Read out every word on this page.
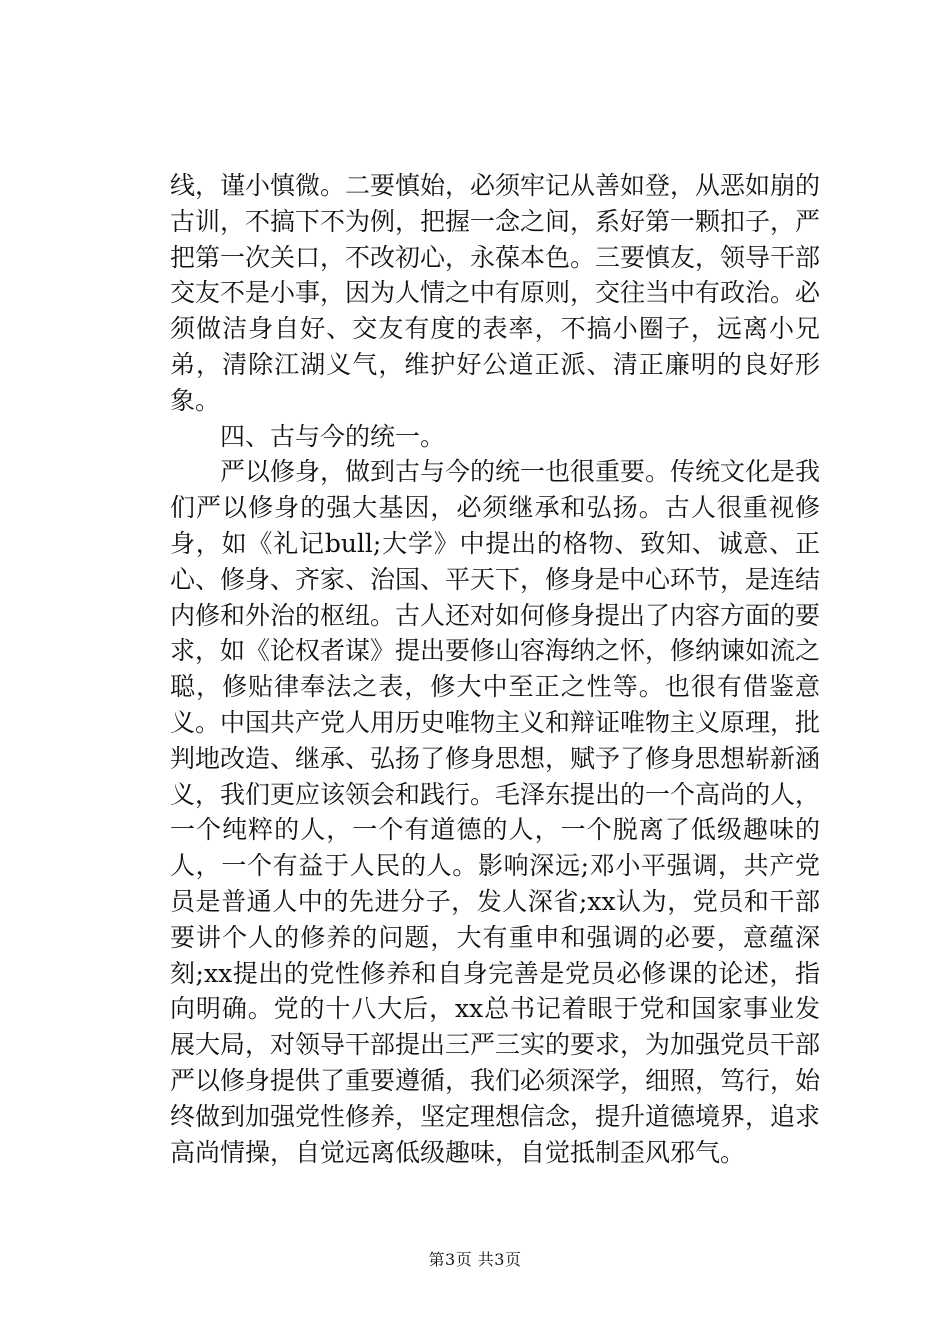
线，谨小慎微。二要慎始，必须牢记从善如登，从恶如崩的古训，不搞下不为例，把握一念之间，系好第一颗扣子，严把第一次关口，不改初心，永葆本色。三要慎友，领导干部交友不是小事，因为人情之中有原则，交往当中有政治。必须做洁身自好、交友有度的表率，不搞小圈子，远离小兄弟，清除江湖义气，维护好公道正派、清正廉明的良好形象。

四、古与今的统一。

严以修身，做到古与今的统一也很重要。传统文化是我们严以修身的强大基因，必须继承和弘扬。古人很重视修身，如《礼记bull;大学》中提出的格物、致知、诚意、正心、修身、齐家、治国、平天下，修身是中心环节，是连结内修和外治的枢纽。古人还对如何修身提出了内容方面的要求，如《论权者谋》提出要修山容海纳之怀，修纳谏如流之聪，修贴律奉法之表，修大中至正之性等。也很有借鉴意义。中国共产党人用历史唯物主义和辩证唯物主义原理，批判地改造、继承、弘扬了修身思想，赋予了修身思想崭新涵义，我们更应该领会和践行。毛泽东提出的一个高尚的人，一个纯粹的人，一个有道德的人，一个脱离了低级趣味的人，一个有益于人民的人。影响深远;邓小平强调，共产党员是普通人中的先进分子，发人深省;xx认为，党员和干部要讲个人的修养的问题，大有重申和强调的必要，意蕴深刻;xx提出的党性修养和自身完善是党员必修课的论述，指向明确。党的十八大后，xx总书记着眼于党和国家事业发展大局，对领导干部提出三严三实的要求，为加强党员干部严以修身提供了重要遵循，我们必须深学，细照，笃行，始终做到加强党性修养，坚定理想信念，提升道德境界，追求高尚情操，自觉远离低级趣味，自觉抵制歪风邪气。

第3页 共3页
